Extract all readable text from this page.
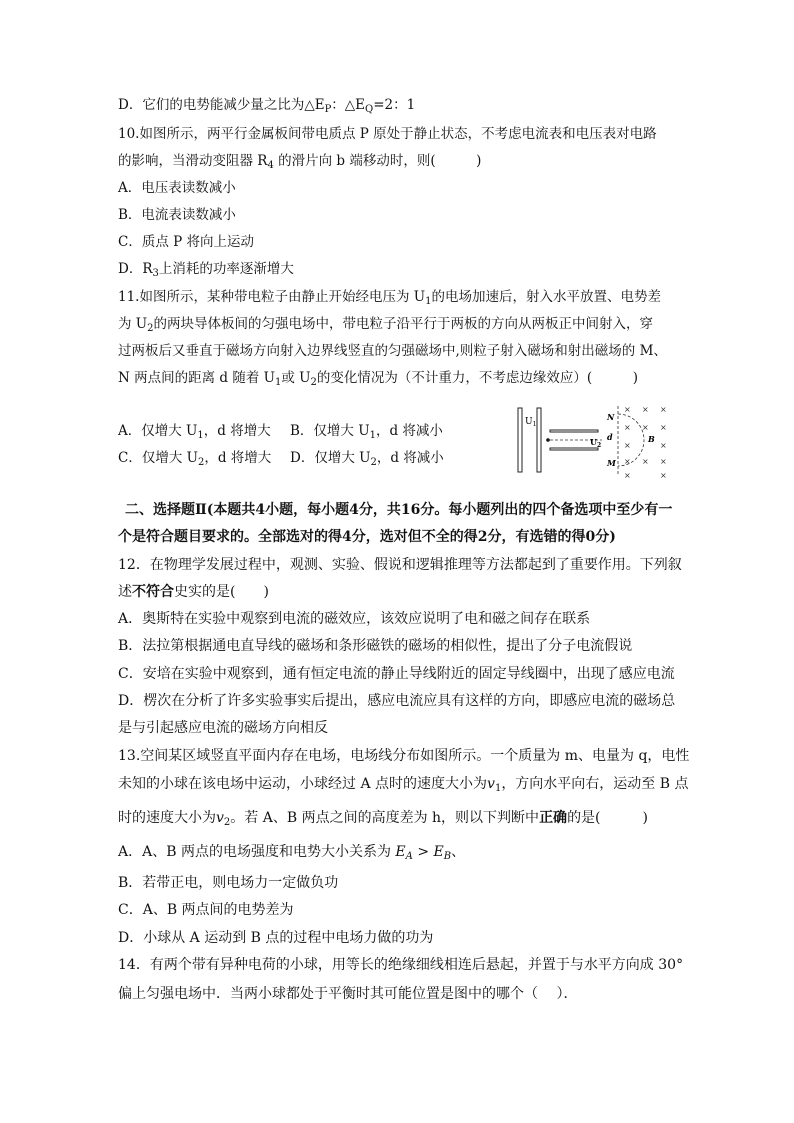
D．它们的电势能减少量之比为$\triangle E_P$：$\triangle E_Q=2$：1
10.如图所示，两平行金属板间带电质点 P 原处于静止状态，不考虑电流表和电压表对电路
的影响，当滑动变阻器 $R_4$ 的滑片向 b 端移动时，则(　　　)
A．电压表读数减小
B．电流表读数减小
C．质点 P 将向上运动
D．$R_3$上消耗的功率逐渐增大
11.如图所示，某种带电粒子由静止开始经电压为 $U_1$的电场加速后，射入水平放置、电势差
为 $U_2$的两块导体板间的匀强电场中，带电粒子沿平行于两板的方向从两板正中间射入，穿
过两板后又垂直于磁场方向射入边界线竖直的匀强磁场中,则粒子射入磁场和射出磁场的 M、
N 两点间的距离 d 随着 $U_1$或 $U_2$的变化情况为（不计重力，不考虑边缘效应）(　　　)
A．仅增大 U1，d 将增大 B．仅增大 U1，d 将减小
C．仅增大 U2，d 将增大 D．仅增大 U2，d 将减小
$U_1$
$U_2$
N
d
M
B
× × ×
× × ×
×	×
× × ×
×	×
二、选择题Ⅱ(本题共4小题，每小题4分，共16分。每小题列出的四个备选项中至少有一
个是符合题目要求的。全部选对的得4分，选对但不全的得2分，有选错的得0分)
12．在物理学发展过程中，观测、实验、假说和逻辑推理等方法都起到了重要作用。下列叙
述不符合史实的是(　　)
A．奥斯特在实验中观察到电流的磁效应，该效应说明了电和磁之间存在联系
B．法拉第根据通电直导线的磁场和条形磁铁的磁场的相似性，提出了分子电流假说
C．安培在实验中观察到，通有恒定电流的静止导线附近的固定导线圈中，出现了感应电流
D．楞次在分析了许多实验事实后提出，感应电流应具有这样的方向，即感应电流的磁场总
是与引起感应电流的磁场方向相反
13.空间某区域竖直平面内存在电场，电场线分布如图所示。一个质量为 m、电量为 q，电性
未知的小球在该电场中运动，小球经过 A 点时的速度大小为$v_1$，方向水平向右，运动至 B 点
时的速度大小为$v_2$。若 A、B 两点之间的高度差为 h，则以下判断中正确的是(　　　)
A．A、B 两点的电场强度和电势大小关系为 $E_A > E_B$、
B．若带正电，则电场力一定做负功
C．A、B 两点间的电势差为
D．小球从 A 运动到 B 点的过程中电场力做的功为
14．有两个带有异种电荷的小球，用等长的绝缘细线相连后悬起，并置于与水平方向成 30°
偏上匀强电场中．当两小球都处于平衡时其可能位置是图中的哪个（　 ）．
